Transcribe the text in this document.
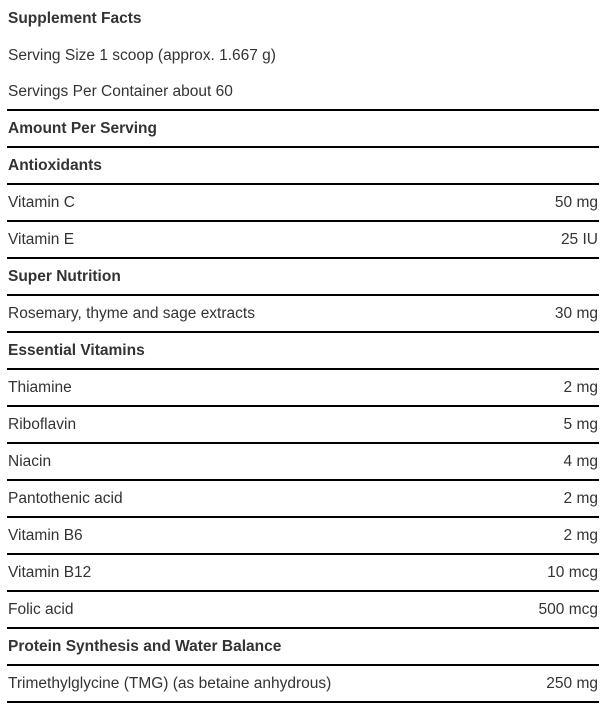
Supplement Facts
Serving Size 1 scoop (approx. 1.667 g)
Servings Per Container about 60
Amount Per Serving
Antioxidants
Vitamin C	50 mg
Vitamin E	25 IU
Super Nutrition
Rosemary, thyme and sage extracts	30 mg
Essential Vitamins
Thiamine	2 mg
Riboflavin	5 mg
Niacin	4 mg
Pantothenic acid	2 mg
Vitamin B6	2 mg
Vitamin B12	10 mcg
Folic acid	500 mcg
Protein Synthesis and Water Balance
Trimethylglycine (TMG) (as betaine anhydrous)	250 mg
